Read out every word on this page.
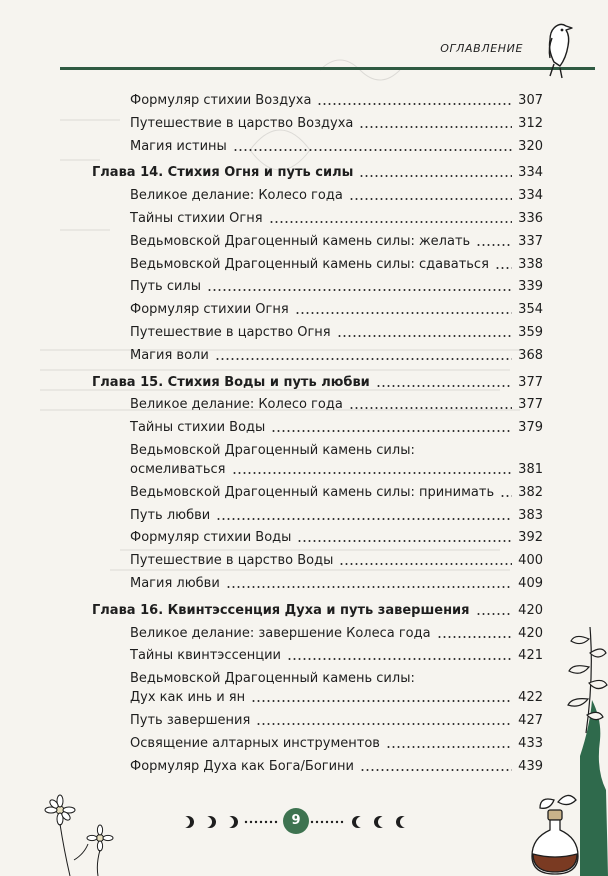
ОГЛАВЛЕНИЕ
Формуляр стихии Воздуха	307
Путешествие в царство Воздуха	312
Магия истины	320
Глава 14. Стихия Огня и путь силы	334
Великое делание: Колесо года	334
Тайны стихии Огня	336
Ведьмовской Драгоценный камень силы: желать	337
Ведьмовской Драгоценный камень силы: сдаваться 338
Путь силы	339
Формуляр стихии Огня	354
Путешествие в царство Огня	359
Магия воли	368
Глава 15. Стихия Воды и путь любви	377
Великое делание: Колесо года	377
Тайны стихии Воды	379
Ведьмовской Драгоценный камень силы:
осмеливаться	381
Ведьмовской Драгоценный камень силы: принимать 382
Путь любви	383
Формуляр стихии Воды	392
Путешествие в царство Воды	400
Магия любви	409
Глава 16. Квинтэссенция Духа и путь завершения	420
Великое делание: завершение Колеса года	420
Тайны квинтэссенции	421
Ведьмовской Драгоценный камень силы:
Дух как инь и ян	422
Путь завершения	427
Освящение алтарных инструментов	433
Формуляр Духа как Бога/Богини	439
9
